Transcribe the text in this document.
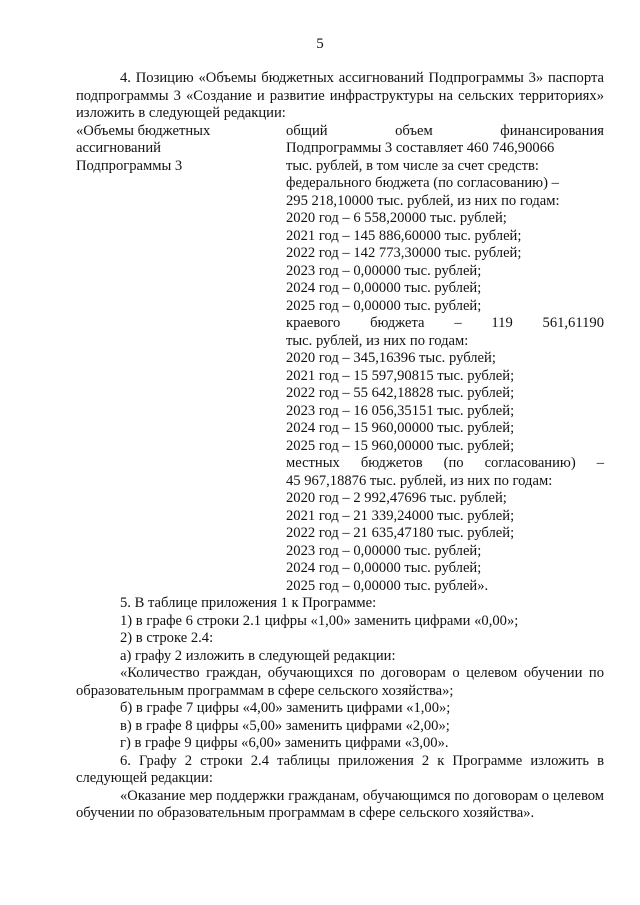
5

4. Позицию «Объемы бюджетных ассигнований Подпрограммы 3» паспорта подпрограммы 3 «Создание и развитие инфраструктуры на сельских территориях» изложить в следующей редакции:

«Объемы бюджетных
ассигнований
Подпрограммы 3
общий объем финансирования
Подпрограммы 3 составляет 460 746,90066
тыс. рублей, в том числе за счет средств:
федерального бюджета (по согласованию) –
295 218,10000 тыс. рублей, из них по годам:
2020 год – 6 558,20000 тыс. рублей;
2021 год – 145 886,60000 тыс. рублей;
2022 год – 142 773,30000 тыс. рублей;
2023 год – 0,00000 тыс. рублей;
2024 год – 0,00000 тыс. рублей;
2025 год – 0,00000 тыс. рублей;
краевого бюджета – 119 561,61190
тыс. рублей, из них по годам:
2020 год – 345,16396 тыс. рублей;
2021 год – 15 597,90815 тыс. рублей;
2022 год – 55 642,18828 тыс. рублей;
2023 год – 16 056,35151 тыс. рублей;
2024 год – 15 960,00000 тыс. рублей;
2025 год – 15 960,00000 тыс. рублей;
местных бюджетов (по согласованию) –
45 967,18876 тыс. рублей, из них по годам:
2020 год – 2 992,47696 тыс. рублей;
2021 год – 21 339,24000 тыс. рублей;
2022 год – 21 635,47180 тыс. рублей;
2023 год – 0,00000 тыс. рублей;
2024 год – 0,00000 тыс. рублей;
2025 год – 0,00000 тыс. рублей».

5. В таблице приложения 1 к Программе:

1) в графе 6 строки 2.1 цифры «1,00» заменить цифрами «0,00»;

2) в строке 2.4:

а) графу 2 изложить в следующей редакции:

«Количество граждан, обучающихся по договорам о целевом обучении по образовательным программам в сфере сельского хозяйства»;

б) в графе 7 цифры «4,00» заменить цифрами «1,00»;

в) в графе 8 цифры «5,00» заменить цифрами «2,00»;

г) в графе 9 цифры «6,00» заменить цифрами «3,00».

6. Графу 2 строки 2.4 таблицы приложения 2 к Программе изложить в следующей редакции:

«Оказание мер поддержки гражданам, обучающимся по договорам о целевом обучении по образовательным программам в сфере сельского хозяйства».
